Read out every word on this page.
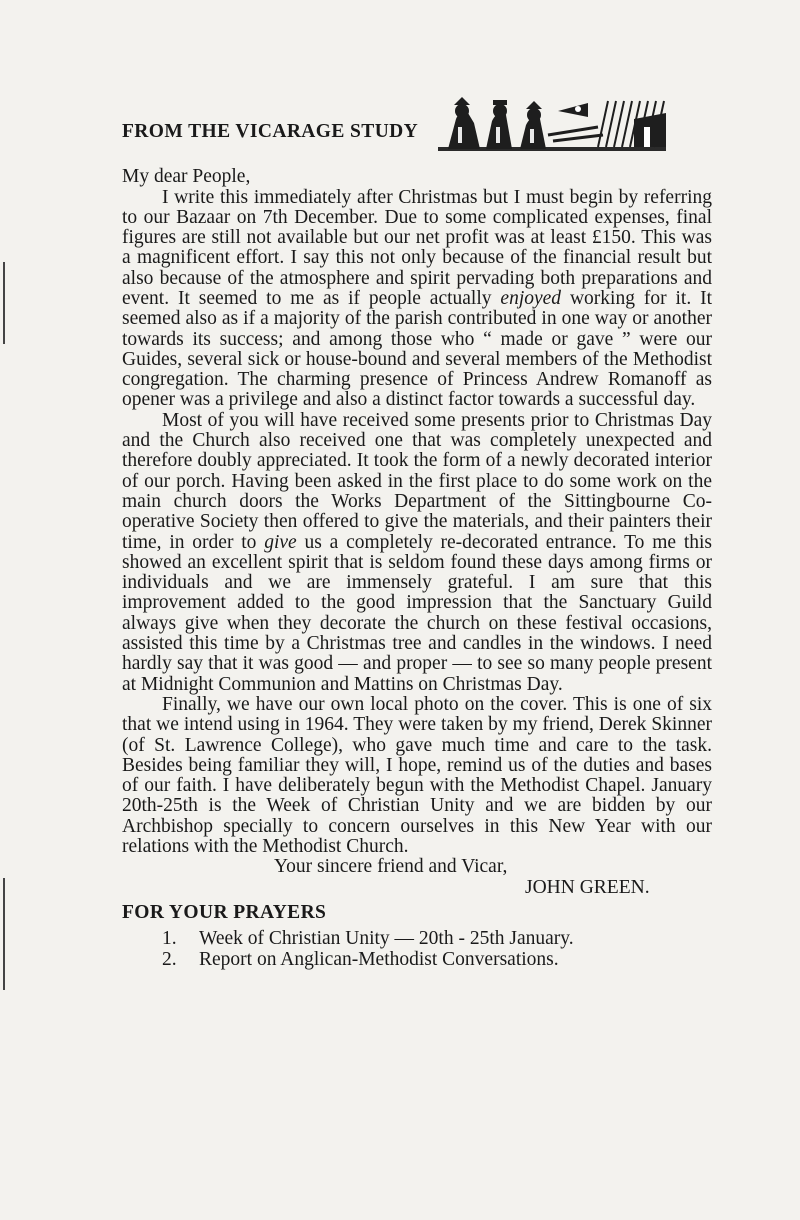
FROM THE VICARAGE STUDY
My dear People,

I write this immediately after Christmas but I must begin by referring to our Bazaar on 7th December. Due to some complicated expenses, final figures are still not available but our net profit was at least £150. This was a magnificent effort. I say this not only because of the financial result but also because of the atmosphere and spirit pervading both preparations and event. It seemed to me as if people actually enjoyed working for it. It seemed also as if a majority of the parish contributed in one way or another towards its success; and among those who “ made or gave ” were our Guides, several sick or house-bound and several members of the Methodist congregation. The charming presence of Princess Andrew Romanoff as opener was a privilege and also a distinct factor towards a successful day.

Most of you will have received some presents prior to Christmas Day and the Church also received one that was completely unexpected and therefore doubly appreciated. It took the form of a newly decorated interior of our porch. Having been asked in the first place to do some work on the main church doors the Works Department of the Sittingbourne Co-operative Society then offered to give the materials, and their painters their time, in order to give us a completely re-decorated entrance. To me this showed an excellent spirit that is seldom found these days among firms or individuals and we are immensely grateful. I am sure that this improvement added to the good impression that the Sanctuary Guild always give when they decorate the church on these festival occasions, assisted this time by a Christmas tree and candles in the windows. I need hardly say that it was good — and proper — to see so many people present at Midnight Communion and Mattins on Christmas Day.

Finally, we have our own local photo on the cover. This is one of six that we intend using in 1964. They were taken by my friend, Derek Skinner (of St. Lawrence College), who gave much time and care to the task. Besides being familiar they will, I hope, remind us of the duties and bases of our faith. I have deliberately begun with the Methodist Chapel. January 20th-25th is the Week of Christian Unity and we are bidden by our Archbishop specially to concern ourselves in this New Year with our relations with the Methodist Church.

Your sincere friend and Vicar,
JOHN GREEN.
FOR YOUR PRAYERS
1. Week of Christian Unity — 20th - 25th January.
2. Report on Anglican-Methodist Conversations.
